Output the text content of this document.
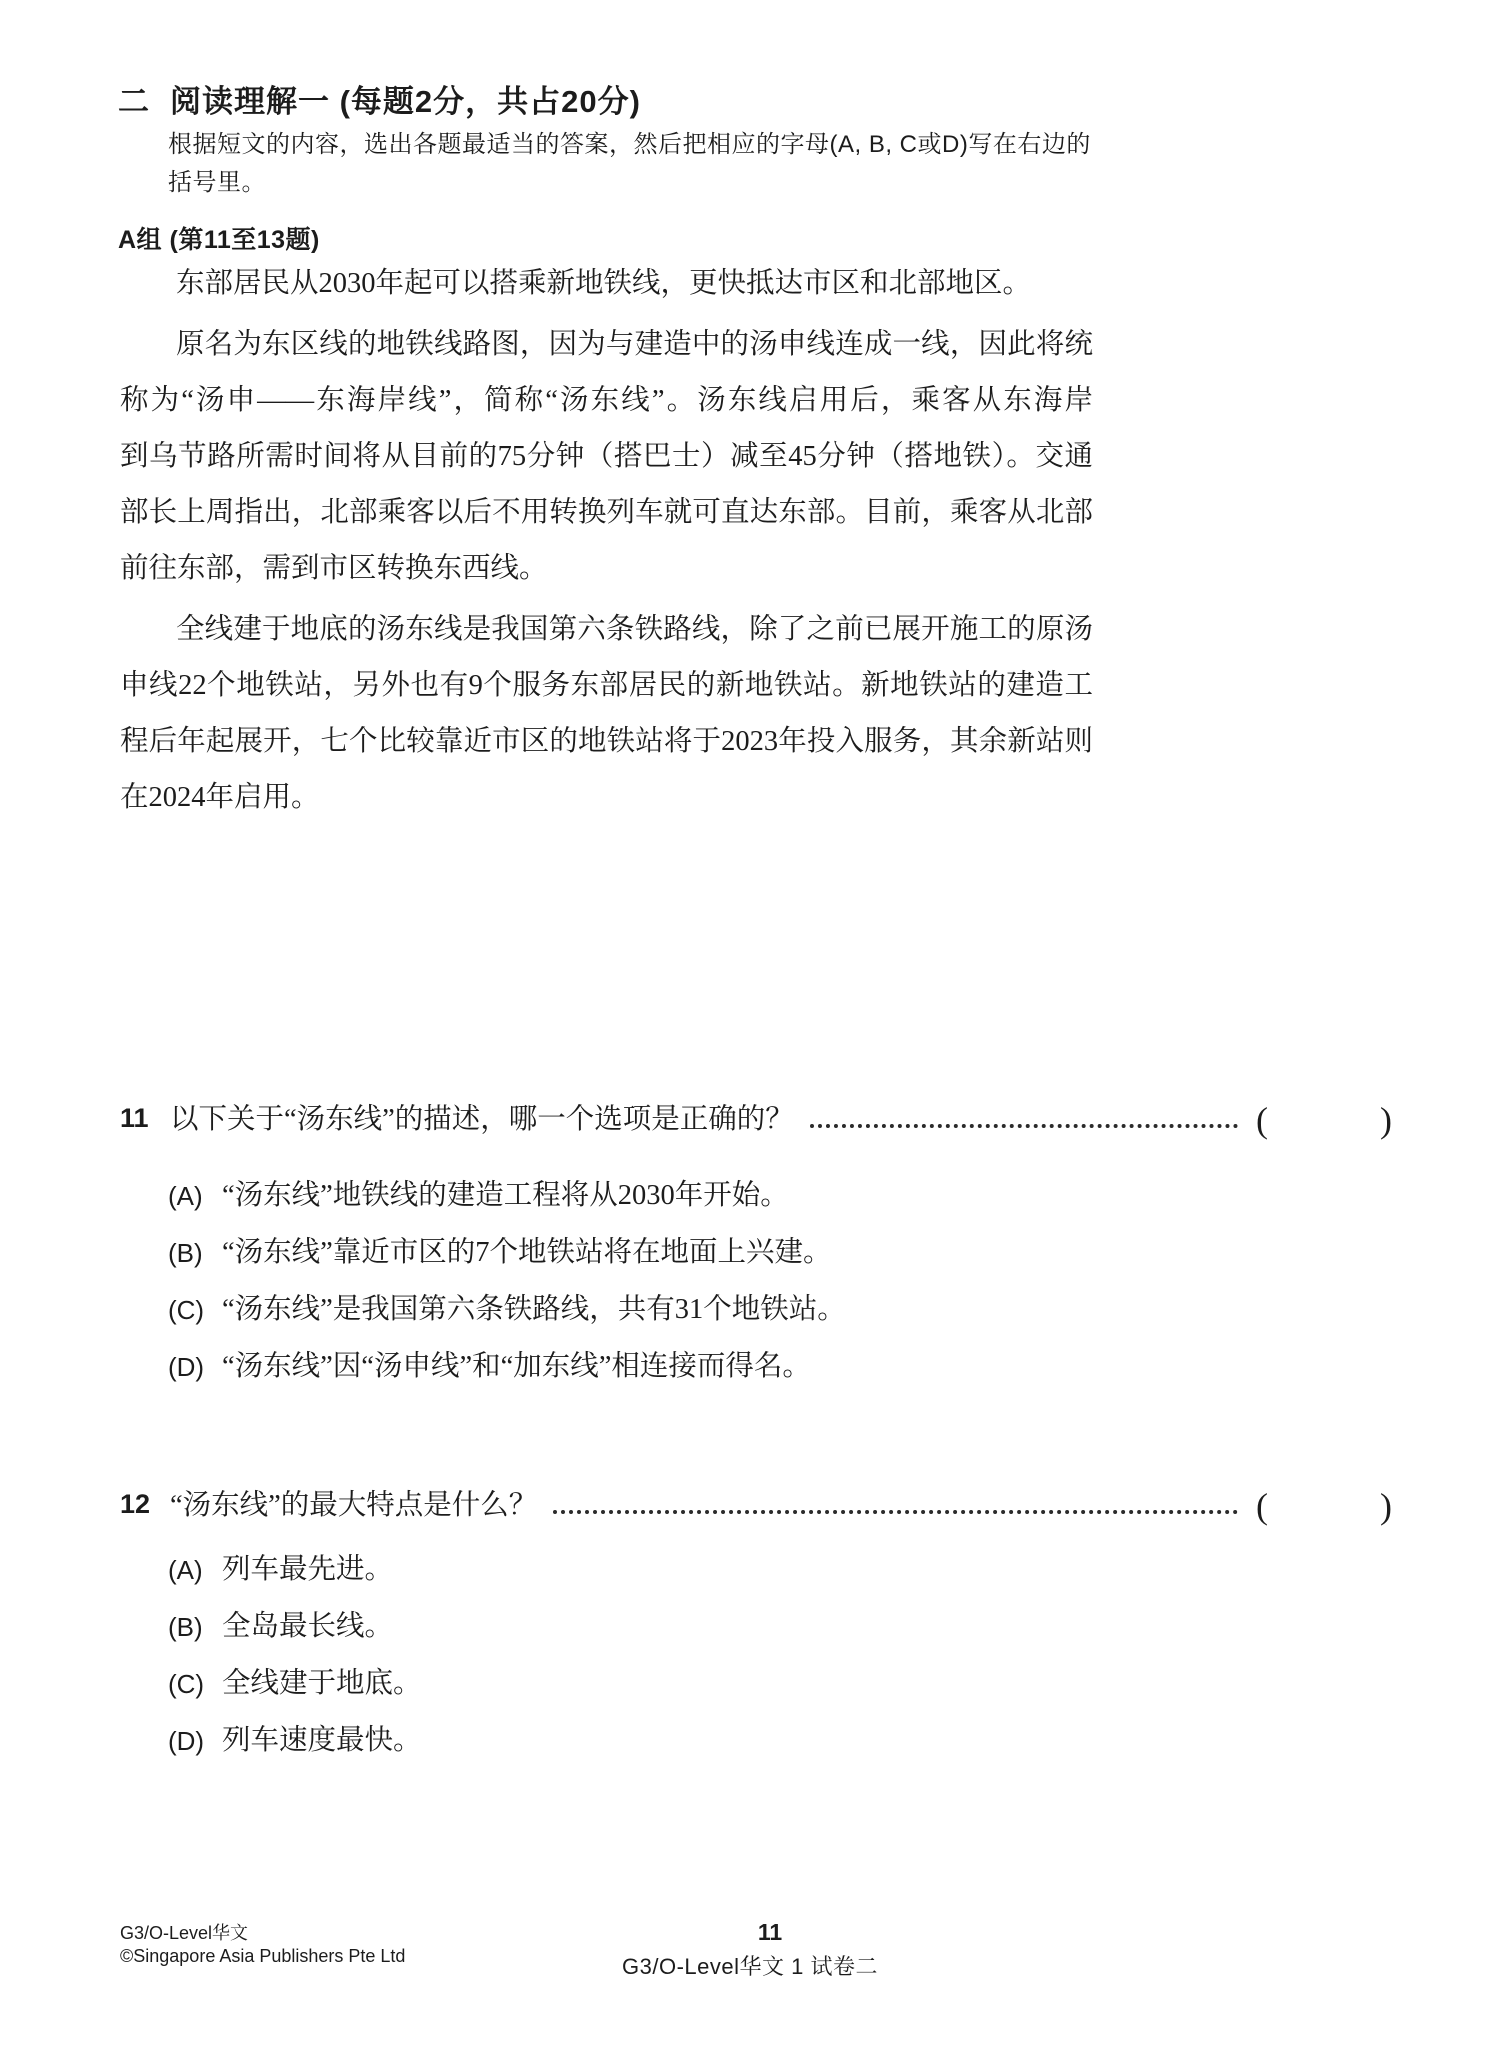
二 阅读理解一 (每题2分，共占20分)
根据短文的内容，选出各题最适当的答案，然后把相应的字母(A, B, C或D)写在右边的
括号里。
A组 (第11至13题)
东部居民从2030年起可以搭乘新地铁线，更快抵达市区和北部地区。
原名为东区线的地铁线路图，因为与建造中的汤申线连成一线，因此将统
称为“汤申——东海岸线”，简称“汤东线”。汤东线启用后，乘客从东海岸
到乌节路所需时间将从目前的75分钟（搭巴士）减至45分钟（搭地铁）。交通
部长上周指出，北部乘客以后不用转换列车就可直达东部。目前，乘客从北部
前往东部，需到市区转换东西线。
全线建于地底的汤东线是我国第六条铁路线，除了之前已展开施工的原汤
申线22个地铁站，另外也有9个服务东部居民的新地铁站。新地铁站的建造工
程后年起展开，七个比较靠近市区的地铁站将于2023年投入服务，其余新站则
在2024年启用。
11 以下关于“汤东线”的描述，哪一个选项是正确的？	(	)
(A) “汤东线”地铁线的建造工程将从2030年开始。
(B) “汤东线”靠近市区的7个地铁站将在地面上兴建。
(C) “汤东线”是我国第六条铁路线，共有31个地铁站。
(D) “汤东线”因“汤申线”和“加东线”相连接而得名。
12 “汤东线”的最大特点是什么？	(	)
(A) 列车最先进。
(B) 全岛最长线。
(C) 全线建于地底。
(D) 列车速度最快。
G3/O-Level华文
©Singapore Asia Publishers Pte Ltd
11
G3/O-Level华文 1 试卷二
